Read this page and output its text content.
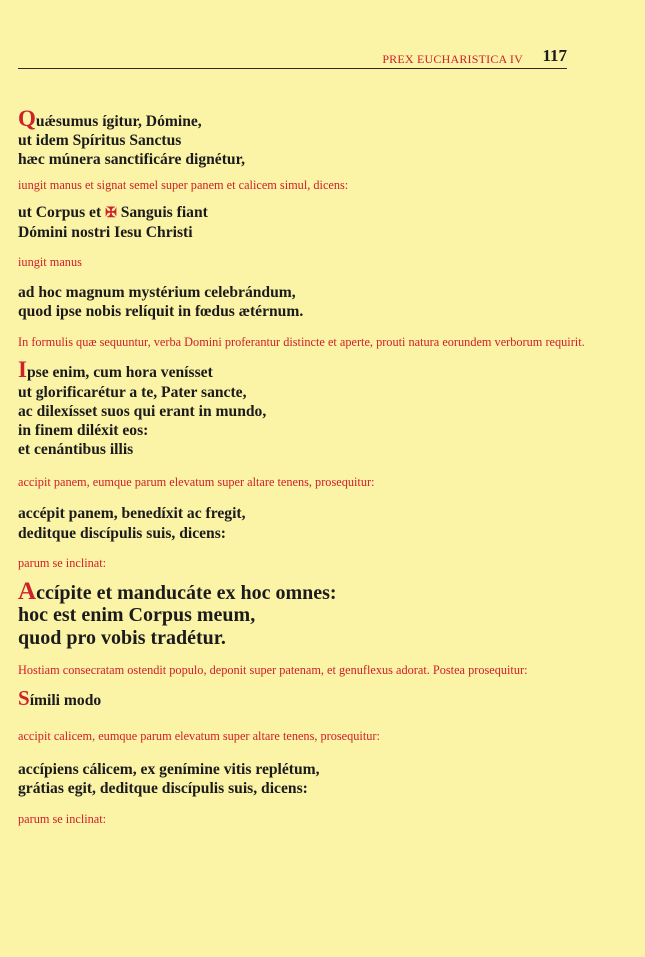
PREX EUCHARISTICA IV 117
Quǽsumus ígitur, Dómine,
ut idem Spíritus Sanctus
hæc múnera sanctificáre dignétur,
iungit manus et signat semel super panem et calicem simul, dicens:
ut Corpus et ✠ Sanguis fiant
Dómini nostri Iesu Christi
iungit manus
ad hoc magnum mystérium celebrándum,
quod ipse nobis relíquit in fœdus ætérnum.
In formulis quæ sequuntur, verba Domini proferantur distincte et aperte, prouti natura eorundem verborum requirit.
Ipse enim, cum hora venísset
ut glorificarétur a te, Pater sancte,
ac dilexísset suos qui erant in mundo,
in finem diléxit eos:
et cenántibus illis
accipit panem, eumque parum elevatum super altare tenens, prosequitur:
accépit panem, benedíxit ac fregit,
deditque discípulis suis, dicens:
parum se inclinat:
Accípite et manducáte ex hoc omnes:
hoc est enim Corpus meum,
quod pro vobis tradétur.
Hostiam consecratam ostendit populo, deponit super patenam, et genuflexus adorat. Postea prosequitur:
Símili modo
accipit calicem, eumque parum elevatum super altare tenens, prosequitur:
accípiens cálicem, ex genímine vitis replétum,
grátias egit, deditque discípulis suis, dicens:
parum se inclinat:
